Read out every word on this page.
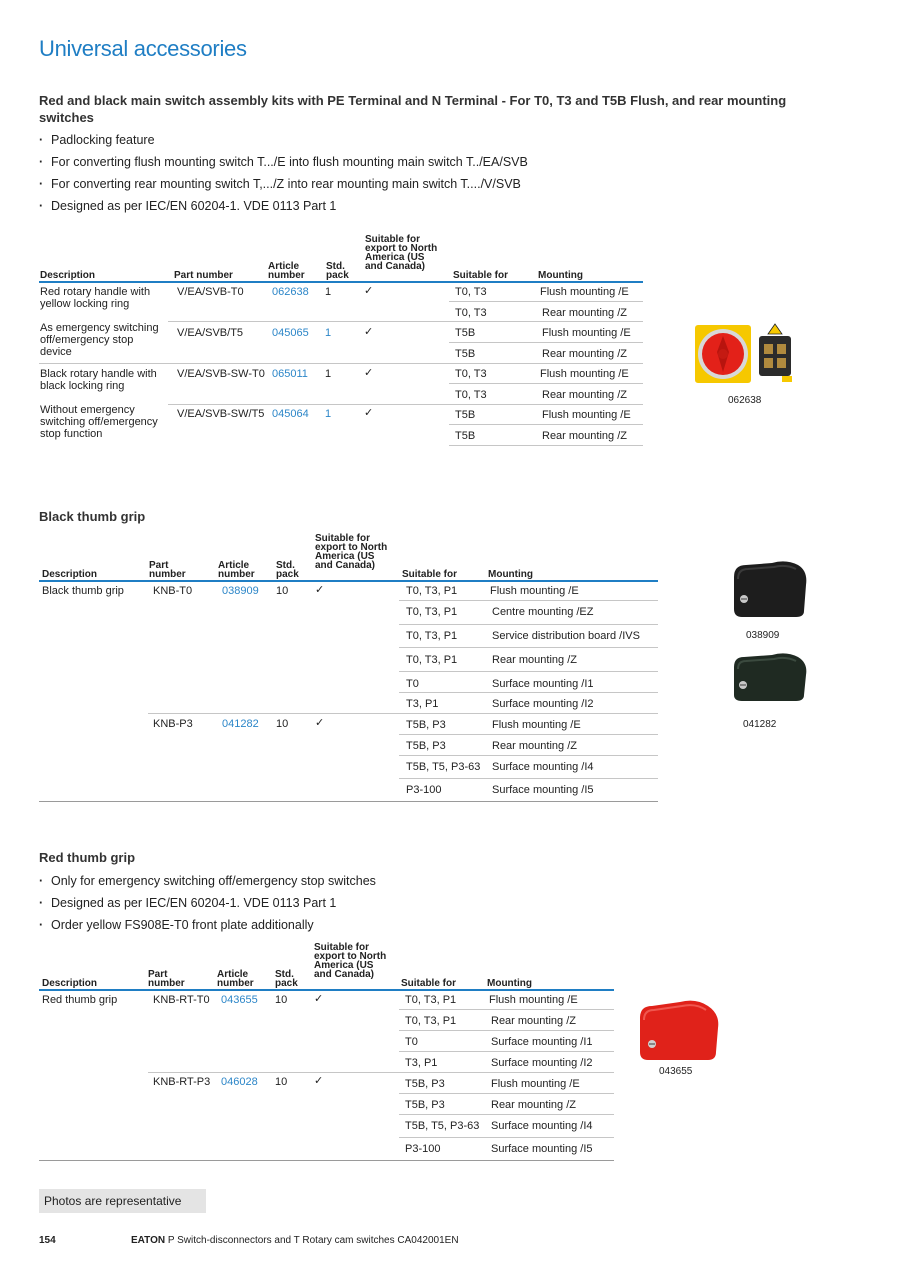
Universal accessories
Red and black main switch assembly kits with PE Terminal and N Terminal - For T0, T3 and T5B Flush, and rear mounting switches
· Padlocking feature
· For converting flush mounting switch T.../E into flush mounting main switch T../EA/SVB
· For converting rear mounting switch T,.../Z into rear mounting main switch T..../V/SVB
· Designed as per IEC/EN 60204-1. VDE 0113 Part 1
Description	Part number
Article number
Std. pack
Suitable for export to North America (US and Canada)
Suitable for	Mounting
Red rotary handle with yellow locking ring
V/EA/SVB-T0	062638 1	✓	T0, T3	Flush mounting /E
T0, T3	Rear mounting /Z
As emergency switching off/emergency stop device
V/EA/SVB/T5	045065 1	✓	T5B	Flush mounting /E
T5B	Rear mounting /Z
Black rotary handle with black locking ring
V/EA/SVB-SW-T0 065011 1	✓	T0, T3	Flush mounting /E
T0, T3	Rear mounting /Z
Without emergency switching off/emergency stop function
V/EA/SVB-SW/T5 045064 1	✓	T5B	Flush mounting /E
T5B	Rear mounting /Z
062638
Black thumb grip
Description
Part number
Article number
Std. pack
Suitable for export to North America (US and Canada)
Suitable for	Mounting
Black thumb grip	KNB-T0	038909 10 ✓	T0, T3, P1	Flush mounting /E
T0, T3, P1	Centre mounting /EZ
T0, T3, P1	Service distribution board /IVS
T0, T3, P1	Rear mounting /Z
T0	Surface mounting /I1
T3, P1	Surface mounting /I2
KNB-P3	041282 10 ✓	T5B, P3	Flush mounting /E
T5B, P3	Rear mounting /Z
T5B, T5, P3-63 Surface mounting /I4
P3-100	Surface mounting /I5
038909
041282
Red thumb grip
· Only for emergency switching off/emergency stop switches
· Designed as per IEC/EN 60204-1. VDE 0113 Part 1
· Order yellow FS908E-T0 front plate additionally
Description
Part number
Article number
Std. pack
Suitable for export to North America (US and Canada)
Suitable for	Mounting
Red thumb grip	KNB-RT-T0 043655 10 ✓	T0, T3, P1	Flush mounting /E
T0, T3, P1	Rear mounting /Z
T0	Surface mounting /I1
T3, P1	Surface mounting /I2
KNB-RT-P3 046028 10 ✓	T5B, P3	Flush mounting /E
T5B, P3	Rear mounting /Z
T5B, T5, P3-63 Surface mounting /I4
P3-100	Surface mounting /I5
043655
Photos are representative
154	EATON P Switch-disconnectors and T Rotary cam switches CA042001EN
